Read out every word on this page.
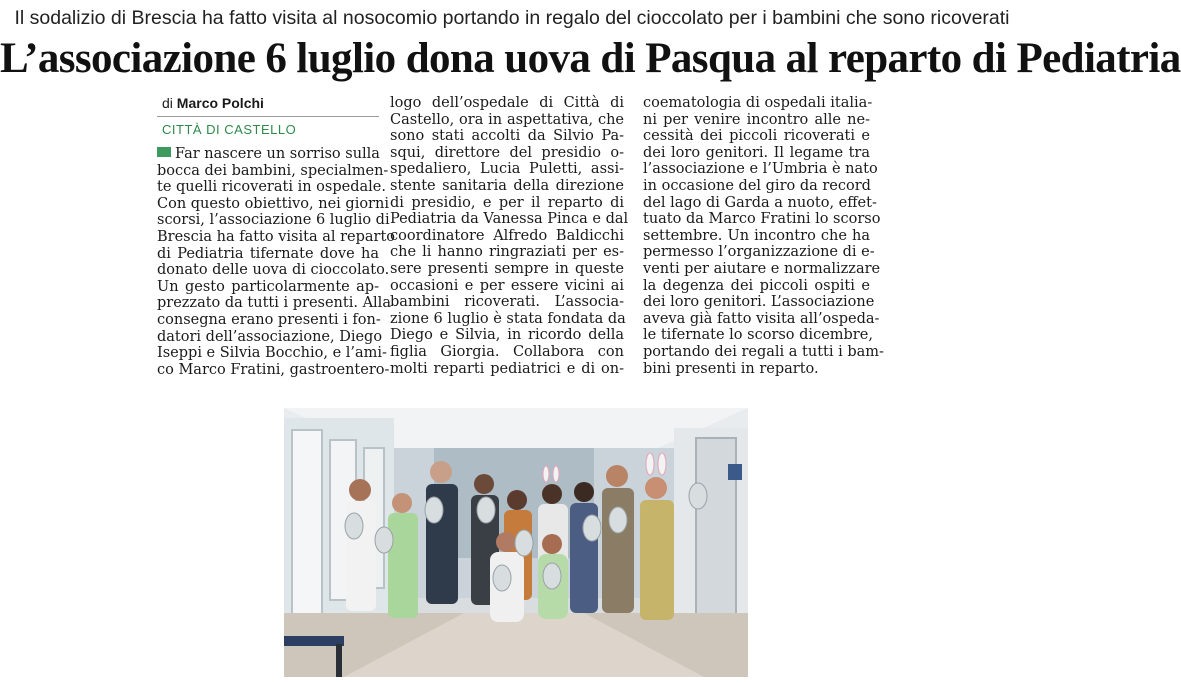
Il sodalizio di Brescia ha fatto visita al nosocomio portando in regalo del cioccolato per i bambini che sono ricoverati
L’associazione 6 luglio dona uova di Pasqua al reparto di Pediatria
di Marco Polchi
CITTÀ DI CASTELLO
Far nascere un sorriso sulla
bocca dei bambini, specialmen-
te quelli ricoverati in ospedale.
Con questo obiettivo, nei giorni
scorsi, l’associazione 6 luglio di
Brescia ha fatto visita al reparto
di Pediatria tifernate dove ha
donato delle uova di cioccolato.
Un gesto particolarmente ap-
prezzato da tutti i presenti. Alla
consegna erano presenti i fon-
datori dell’associazione, Diego
Iseppi e Silvia Bocchio, e l’ami-
co Marco Fratini, gastroentero-
logo dell’ospedale di Città di
Castello, ora in aspettativa, che
sono stati accolti da Silvio Pa-
squi, direttore del presidio o-
spedaliero, Lucia Puletti, assi-
stente sanitaria della direzione
di presidio, e per il reparto di
Pediatria da Vanessa Pinca e dal
coordinatore Alfredo Baldicchi
che li hanno ringraziati per es-
sere presenti sempre in queste
occasioni e per essere vicini ai
bambini ricoverati. L’associa-
zione 6 luglio è stata fondata da
Diego e Silvia, in ricordo della
figlia Giorgia. Collabora con
molti reparti pediatrici e di on-
coematologia di ospedali italia-
ni per venire incontro alle ne-
cessità dei piccoli ricoverati e
dei loro genitori. Il legame tra
l’associazione e l’Umbria è nato
in occasione del giro da record
del lago di Garda a nuoto, effet-
tuato da Marco Fratini lo scorso
settembre. Un incontro che ha
permesso l’organizzazione di e-
venti per aiutare e normalizzare
la degenza dei piccoli ospiti e
dei loro genitori. L’associazione
aveva già fatto visita all’ospeda-
le tifernate lo scorso dicembre,
portando dei regali a tutti i bam-
bini presenti in reparto.
